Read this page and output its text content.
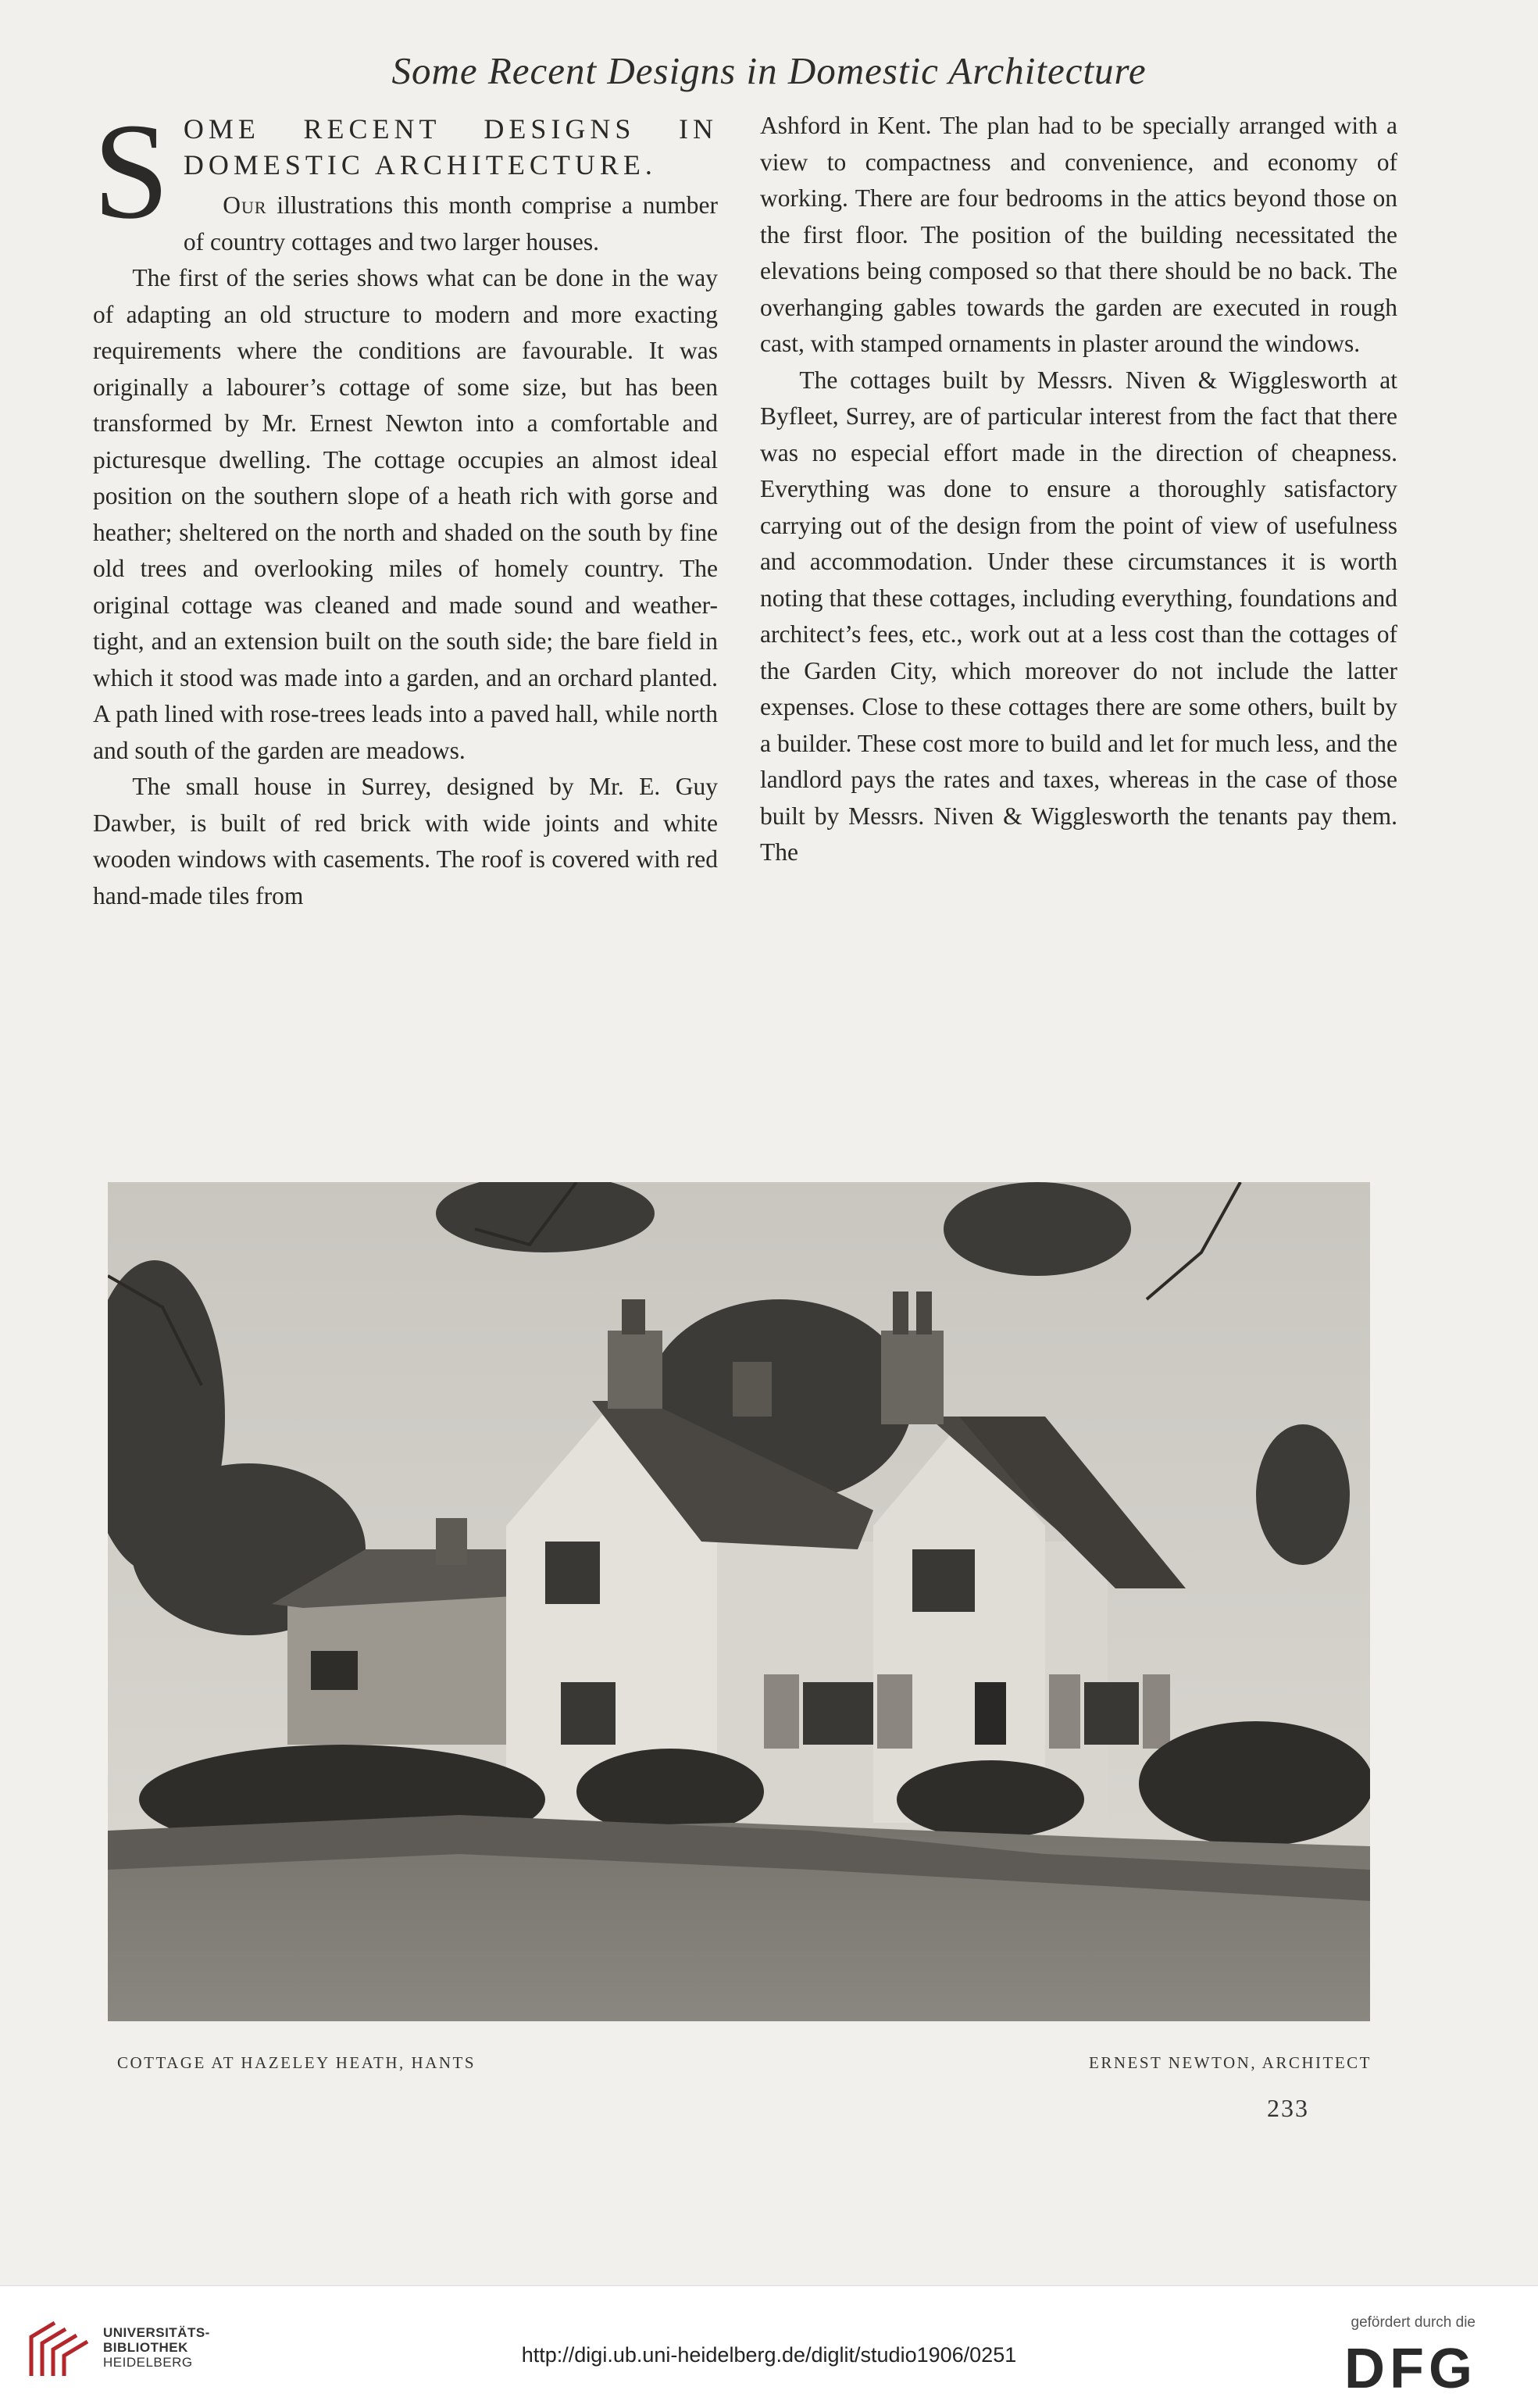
Some Recent Designs in Domestic Architecture

S OME RECENT DESIGNS IN DOMESTIC ARCHITECTURE.

Our illustrations this month comprise a number of country cottages and two larger houses.

The first of the series shows what can be done in the way of adapting an old structure to modern and more exacting requirements where the conditions are favourable. It was originally a labourer’s cottage of some size, but has been transformed by Mr. Ernest Newton into a comfortable and picturesque dwelling. The cottage occupies an almost ideal position on the southern slope of a heath rich with gorse and heather; sheltered on the north and shaded on the south by fine old trees and overlooking miles of homely country. The original cottage was cleaned and made sound and weather-tight, and an extension built on the south side; the bare field in which it stood was made into a garden, and an orchard planted. A path lined with rose-trees leads into a paved hall, while north and south of the garden are meadows.

The small house in Surrey, designed by Mr. E. Guy Dawber, is built of red brick with wide joints and white wooden windows with casements. The roof is covered with red hand-made tiles from

Ashford in Kent. The plan had to be specially arranged with a view to compactness and convenience, and economy of working. There are four bedrooms in the attics beyond those on the first floor. The position of the building necessitated the elevations being composed so that there should be no back. The overhanging gables towards the garden are executed in rough cast, with stamped ornaments in plaster around the windows.

The cottages built by Messrs. Niven & Wigglesworth at Byfleet, Surrey, are of particular interest from the fact that there was no especial effort made in the direction of cheapness. Everything was done to ensure a thoroughly satisfactory carrying out of the design from the point of view of usefulness and accommodation. Under these circumstances it is worth noting that these cottages, including everything, foundations and architect’s fees, etc., work out at a less cost than the cottages of the Garden City, which moreover do not include the latter expenses. Close to these cottages there are some others, built by a builder. These cost more to build and let for much less, and the landlord pays the rates and taxes, whereas in the case of those built by Messrs. Niven & Wigglesworth the tenants pay them. The

COTTAGE AT HAZELEY HEATH, HANTS	ERNEST NEWTON, ARCHITECT
233
UNIVERSITÄTS-
BIBLIOTHEK
HEIDELBERG	http://digi.ub.uni-heidelberg.de/diglit/studio1906/0251
gefördert durch die
DFG
